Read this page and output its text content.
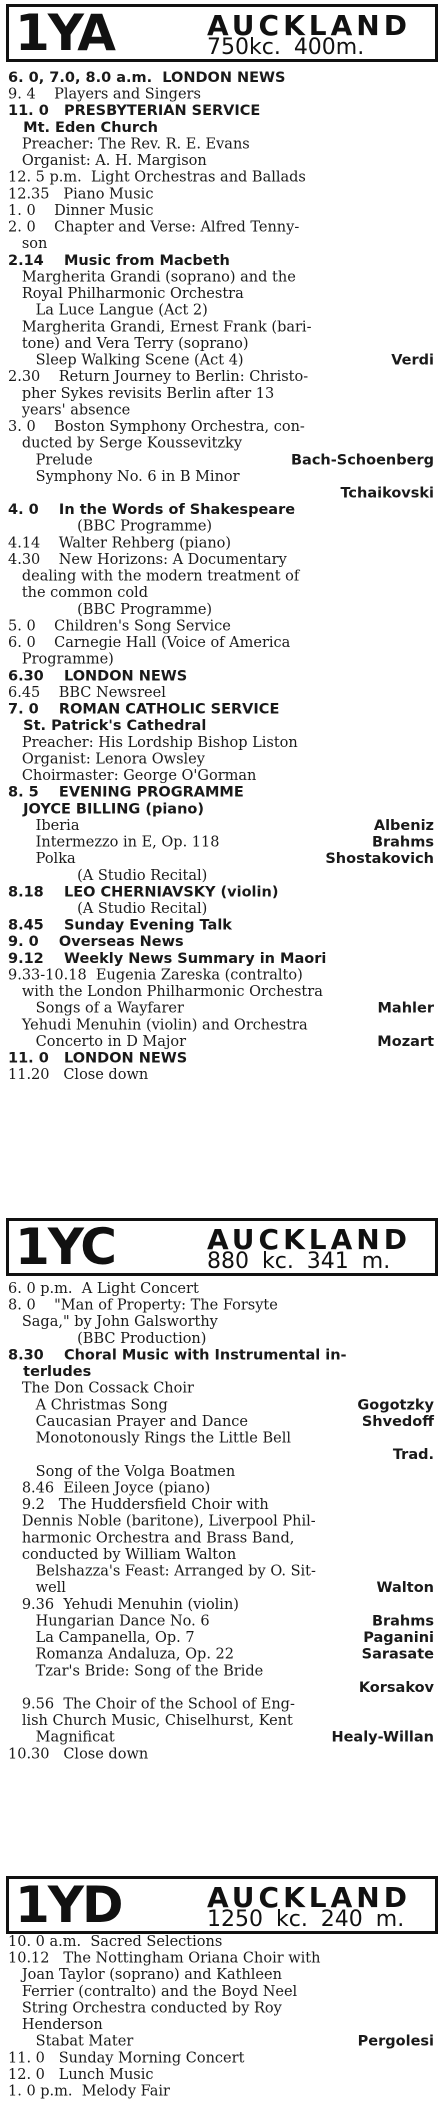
1YA	AUCKLAND
750kc. 400m.
6. 0, 7.0, 8.0 a.m.  LONDON NEWS
9. 4    Players and Singers
11. 0   PRESBYTERIAN SERVICE
Mt. Eden Church
Preacher: The Rev. R. E. Evans
Organist: A. H. Margison
12. 5 p.m.  Light Orchestras and Ballads
12.35   Piano Music
1. 0    Dinner Music
2. 0    Chapter and Verse: Alfred Tenny-
son
2.14    Music from Macbeth
Margherita Grandi (soprano) and the
Royal Philharmonic Orchestra
La Luce Langue (Act 2)
Margherita Grandi, Ernest Frank (bari-
tone) and Vera Terry (soprano)
Sleep Walking Scene (Act 4)	Verdi
2.30    Return Journey to Berlin: Christo-
pher Sykes revisits Berlin after 13
years' absence
3. 0    Boston Symphony Orchestra, con-
ducted by Serge Koussevitzky
Prelude	Bach-Schoenberg
Symphony No. 6 in B Minor
Tchaikovski
4. 0    In the Words of Shakespeare
(BBC Programme)
4.14    Walter Rehberg (piano)
4.30    New Horizons: A Documentary
dealing with the modern treatment of
the common cold
(BBC Programme)
5. 0    Children's Song Service
6. 0    Carnegie Hall (Voice of America
Programme)
6.30    LONDON NEWS
6.45    BBC Newsreel
7. 0    ROMAN CATHOLIC SERVICE
St. Patrick's Cathedral
Preacher: His Lordship Bishop Liston
Organist: Lenora Owsley
Choirmaster: George O'Gorman
8. 5    EVENING PROGRAMME
JOYCE BILLING (piano)
Iberia	Albeniz
Intermezzo in E, Op. 118	Brahms
Polka	Shostakovich
(A Studio Recital)
8.18    LEO CHERNIAVSKY (violin)
(A Studio Recital)
8.45    Sunday Evening Talk
9. 0    Overseas News
9.12    Weekly News Summary in Maori
9.33-10.18  Eugenia Zareska (contralto)
with the London Philharmonic Orchestra
Songs of a Wayfarer	Mahler
Yehudi Menuhin (violin) and Orchestra
Concerto in D Major	Mozart
11. 0   LONDON NEWS
11.20   Close down
1YC	AUCKLAND
880 kc. 341 m.
6. 0 p.m.  A Light Concert
8. 0    "Man of Property: The Forsyte
Saga," by John Galsworthy
(BBC Production)
8.30    Choral Music with Instrumental in-
terludes
The Don Cossack Choir
A Christmas Song	Gogotzky
Caucasian Prayer and Dance	Shvedoff
Monotonously Rings the Little Bell
Trad.
Song of the Volga Boatmen
8.46  Eileen Joyce (piano)
9.2   The Huddersfield Choir with
Dennis Noble (baritone), Liverpool Phil-
harmonic Orchestra and Brass Band,
conducted by William Walton
Belshazza's Feast: Arranged by O. Sit-
well	Walton
9.36  Yehudi Menuhin (violin)
Hungarian Dance No. 6	Brahms
La Campanella, Op. 7	Paganini
Romanza Andaluza, Op. 22	Sarasate
Tzar's Bride: Song of the Bride
Korsakov
9.56  The Choir of the School of Eng-
lish Church Music, Chiselhurst, Kent
Magnificat	Healy-Willan
10.30   Close down
1YD	AUCKLAND
1250 kc. 240 m.
10. 0 a.m.  Sacred Selections
10.12   The Nottingham Oriana Choir with
Joan Taylor (soprano) and Kathleen
Ferrier (contralto) and the Boyd Neel
String Orchestra conducted by Roy
Henderson
Stabat Mater	Pergolesi
11. 0   Sunday Morning Concert
12. 0   Lunch Music
1. 0 p.m.  Melody Fair
